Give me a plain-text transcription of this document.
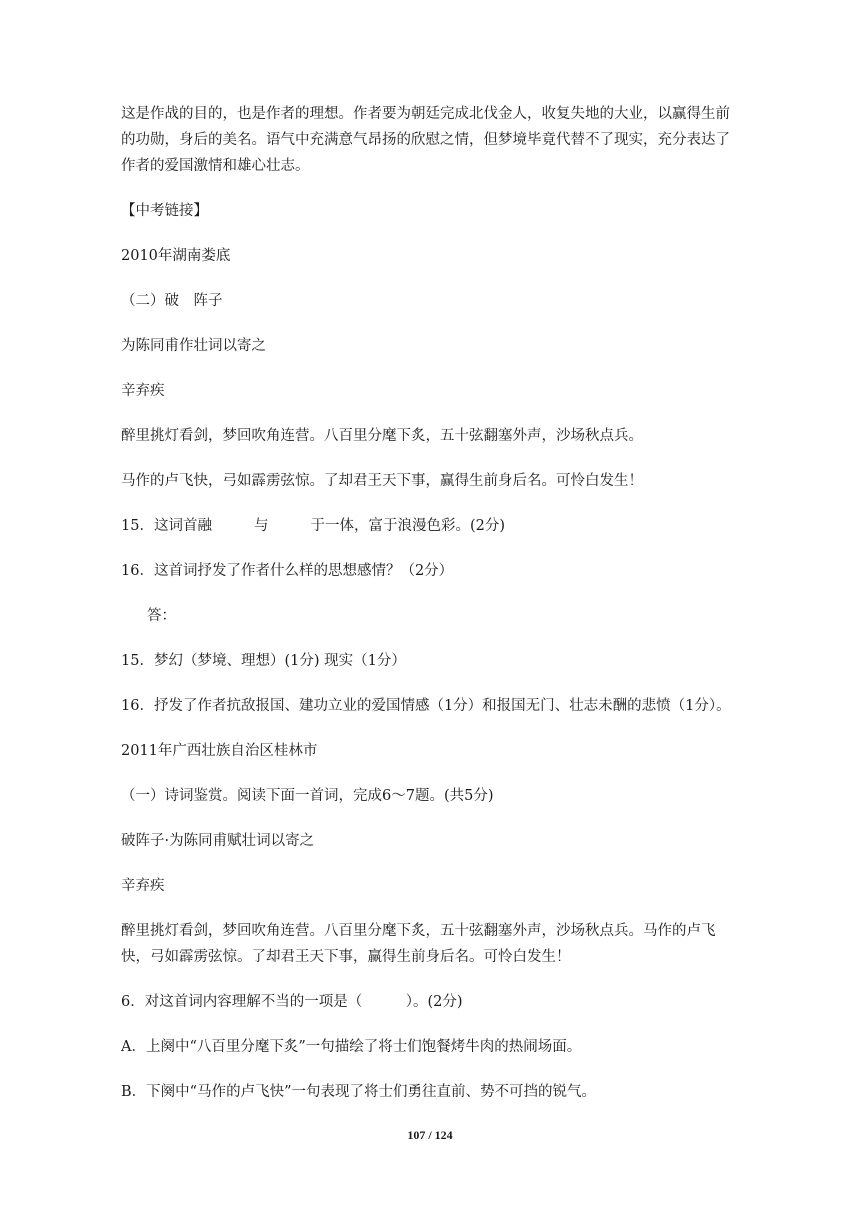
这是作战的目的，也是作者的理想。作者要为朝廷完成北伐金人，收复失地的大业，以赢得生前的功勋，身后的美名。语气中充满意气昂扬的欣慰之情，但梦境毕竟代替不了现实，充分表达了作者的爱国激情和雄心壮志。

【中考链接】

2010年湖南娄底

（二）破　阵子

为陈同甫作壮词以寄之

辛弃疾

醉里挑灯看剑，梦回吹角连营。八百里分麾下炙，五十弦翻塞外声，沙场秋点兵。

马作的卢飞快，弓如霹雳弦惊。了却君王天下事，赢得生前身后名。可怜白发生！

15．这词首融	与	于一体，富于浪漫色彩。(2分)

16．这首词抒发了作者什么样的思想感情？（2分）

答：

15．梦幻（梦境、理想）(1分) 现实（1分）

16．抒发了作者抗敌报国、建功立业的爱国情感（1分）和报国无门、壮志未酬的悲愤（1分）。

2011年广西壮族自治区桂林市

（一）诗词鉴赏。阅读下面一首词，完成6～7题。(共5分)

破阵子·为陈同甫赋壮词以寄之

辛弃疾

醉里挑灯看剑，梦回吹角连营。八百里分麾下炙，五十弦翻塞外声，沙场秋点兵。马作的卢飞快，弓如霹雳弦惊。了却君王天下事，赢得生前身后名。可怜白发生！

6．对这首词内容理解不当的一项是（　　　）。(2分)

A．上阕中“八百里分麾下炙”一句描绘了将士们饱餐烤牛肉的热闹场面。

B．下阕中“马作的卢飞快”一句表现了将士们勇往直前、势不可挡的锐气。

107 / 124
